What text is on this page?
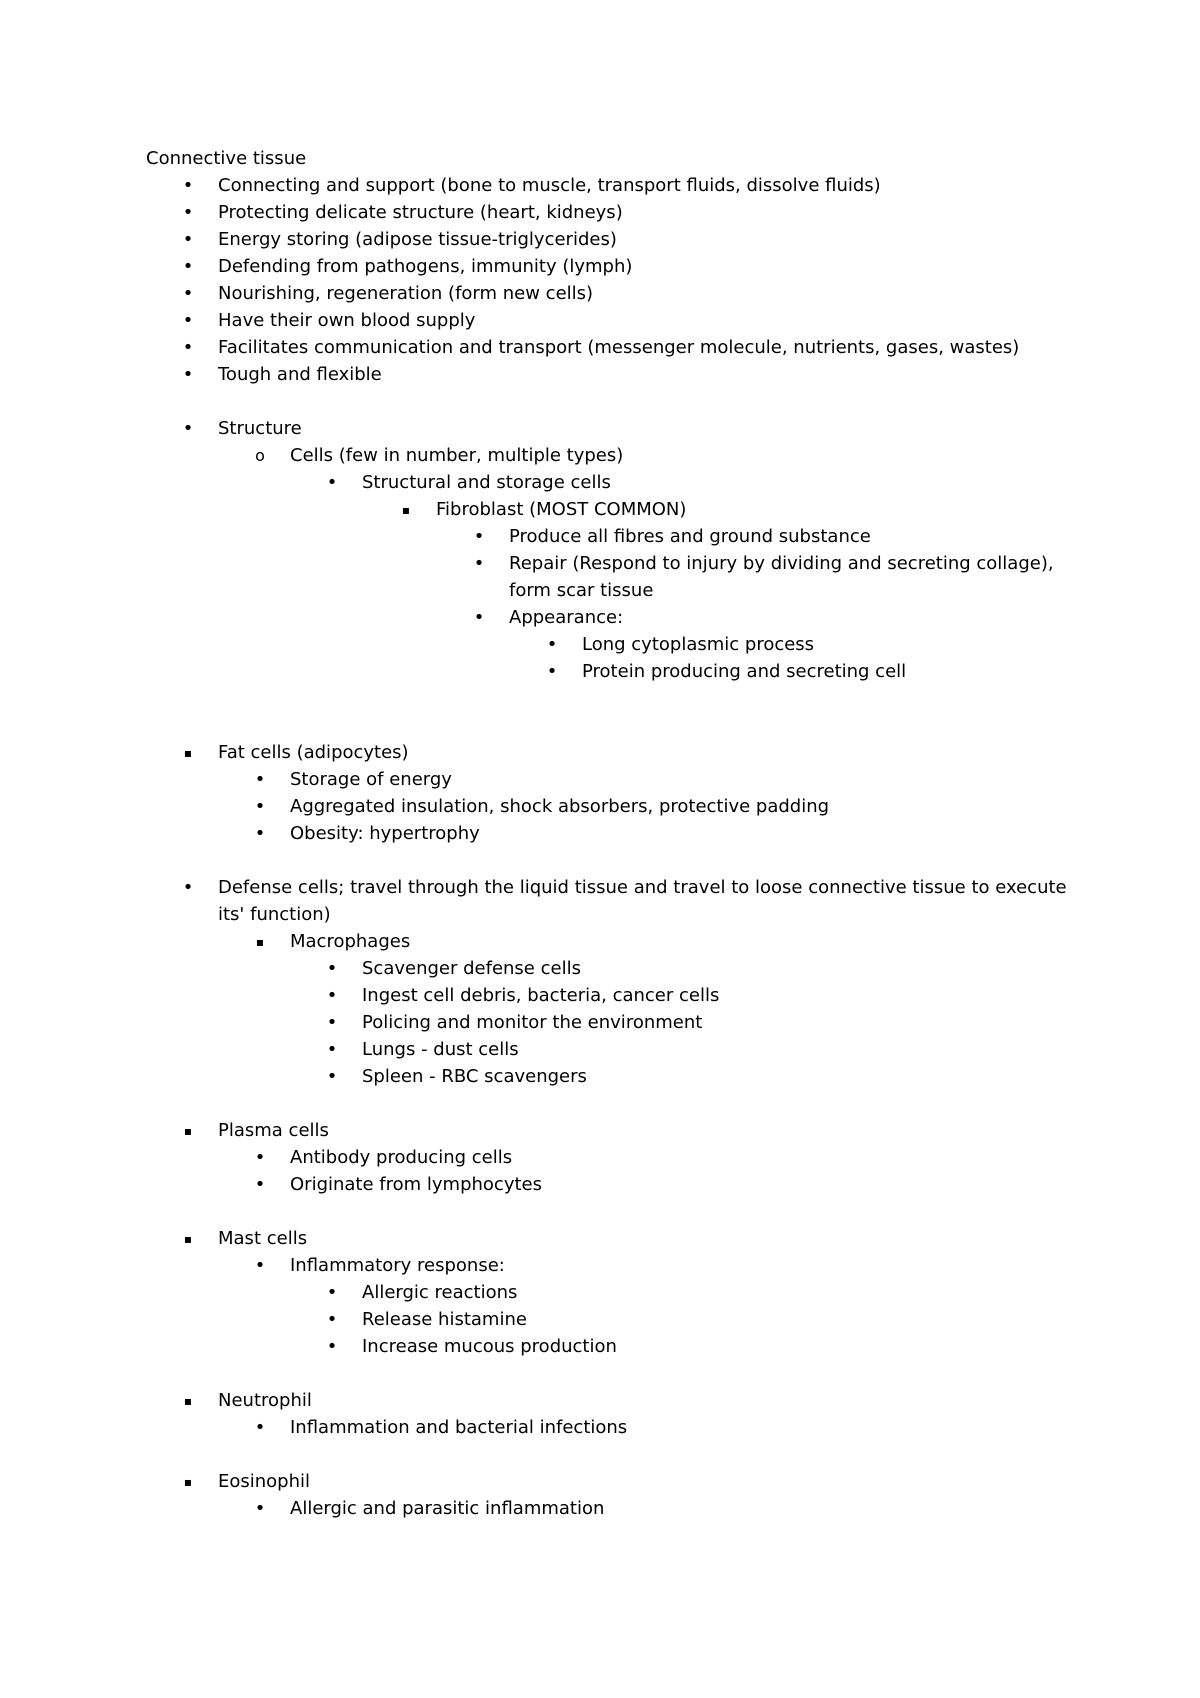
Connective tissue
• Connecting and support (bone to muscle, transport fluids, dissolve fluids)
• Protecting delicate structure (heart, kidneys)
• Energy storing (adipose tissue-triglycerides)
• Defending from pathogens, immunity (lymph)
• Nourishing, regeneration (form new cells)
• Have their own blood supply
• Facilitates communication and transport (messenger molecule, nutrients, gases, wastes)
• Tough and flexible
• Structure
o Cells (few in number, multiple types)
• Structural and storage cells
▪ Fibroblast (MOST COMMON)
• Produce all fibres and ground substance
• Repair (Respond to injury by dividing and secreting collage),
form scar tissue
• Appearance:
• Long cytoplasmic process
• Protein producing and secreting cell
▪ Fat cells (adipocytes)
• Storage of energy
• Aggregated insulation, shock absorbers, protective padding
• Obesity: hypertrophy
• Defense cells; travel through the liquid tissue and travel to loose connective tissue to execute
its' function)
▪ Macrophages
• Scavenger defense cells
• Ingest cell debris, bacteria, cancer cells
• Policing and monitor the environment
• Lungs - dust cells
• Spleen - RBC scavengers
▪ Plasma cells
• Antibody producing cells
• Originate from lymphocytes
▪ Mast cells
• Inflammatory response:
• Allergic reactions
• Release histamine
• Increase mucous production
▪ Neutrophil
• Inflammation and bacterial infections
▪ Eosinophil
• Allergic and parasitic inflammation
